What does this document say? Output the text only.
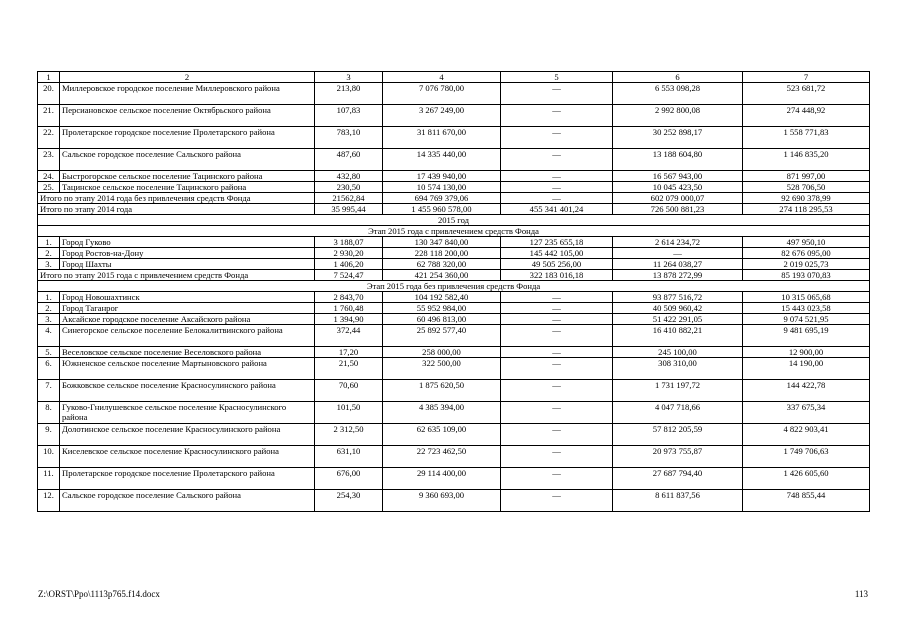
1	2	3	4	5	6	7
20.	Миллеровское городское поселение Миллеровского района	213,80	7 076 780,00	—	6 553 098,28	523 681,72
21.	Персиановское сельское поселение Октябрьского района	107,83	3 267 249,00	—	2 992 800,08	274 448,92
22.	Пролетарское городское поселение Пролетарского района	783,10	31 811 670,00	—	30 252 898,17	1 558 771,83
23.	Сальское городское поселение Сальского района	487,60	14 335 440,00	—	13 188 604,80	1 146 835,20
24.	Быстрогорское сельское поселение Тацинского района	432,80	17 439 940,00	—	16 567 943,00	871 997,00
25.	Тацинское сельское поселение Тацинского района	230,50	10 574 130,00	—	10 045 423,50	528 706,50
Итого по этапу 2014 года без привлечения средств Фонда		21562,84	694 769 379,06	—	602 079 000,07	92 690 378,99
Итого по этапу 2014 года		35 995,44	1 455 960 578,00	455 341 401,24	726 500 881,23	274 118 295,53
2015 год						
Этап 2015 года с привлечением средств Фонда						
1.	Город Гуково	3 188,07	130 347 840,00	127 235 655,18	2 614 234,72	497 950,10
2.	Город Ростов-на-Дону	2 930,20	228 118 200,00	145 442 105,00	—	82 676 095,00
3.	Город Шахты	1 406,20	62 788 320,00	49 505 256,00	11 264 038,27	2 019 025,73
Итого по этапу 2015 года с привлечением средств Фонда		7 524,47	421 254 360,00	322 183 016,18	13 878 272,99	85 193 070,83
Этап 2015 года без привлечения средств Фонда						
1.	Город Новошахтинск	2 843,70	104 192 582,40	—	93 877 516,72	10 315 065,68
2.	Город Таганрог	1 760,48	55 952 984,00	—	40 509 960,42	15 443 023,58
3.	Аксайское городское поселение Аксайского района	1 394,90	60 496 813,00	—	51 422 291,05	9 074 521,95
4.	Синегорское сельское поселение Белокалитвинского района	372,44	25 892 577,40	—	16 410 882,21	9 481 695,19
5.	Веселовское сельское поселение Веселовского района	17,20	258 000,00	—	245 100,00	12 900,00
6.	Южненское сельское поселение Мартыновского района	21,50	322 500,00	—	308 310,00	14 190,00
7.	Божковское сельское поселение Красносулинского района	70,60	1 875 620,50	—	1 731 197,72	144 422,78
8.	Гуково-Гнилушевское сельское поселение Красносулинского района	101,50	4 385 394,00	—	4 047 718,66	337 675,34
9.	Долотинское сельское поселение Красносулинского района	2 312,50	62 635 109,00	—	57 812 205,59	4 822 903,41
10.	Киселевское сельское поселение Красносулинского района	631,10	22 723 462,50	—	20 973 755,87	1 749 706,63
11.	Пролетарское городское поселение Пролетарского района	676,00	29 114 400,00	—	27 687 794,40	1 426 605,60
12.	Сальское городское поселение Сальского района	254,30	9 360 693,00	—	8 611 837,56	748 855,44
Z:\ORST\Ppo\1113p765.f14.docx	113
